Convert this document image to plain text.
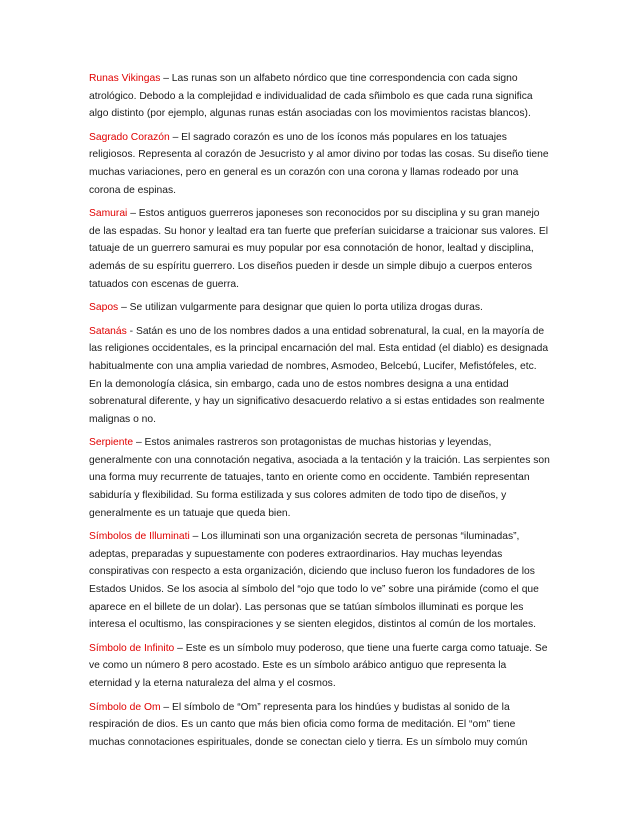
Runas Vikingas – Las runas son un alfabeto nórdico que tine correspondencia con cada signo atrológico. Debodo a la complejidad e individualidad de cada sñimbolo es que cada runa significa algo distinto (por ejemplo, algunas runas están asociadas con los movimientos racistas blancos).

Sagrado Corazón – El sagrado corazón es uno de los íconos más populares en los tatuajes religiosos. Representa al corazón de Jesucristo y al amor divino por todas las cosas. Su diseño tiene muchas variaciones, pero en general es un corazón con una corona y llamas rodeado por una corona de espinas.

Samurai – Estos antiguos guerreros japoneses son reconocidos por su disciplina y su gran manejo de las espadas. Su honor y lealtad era tan fuerte que preferían suicidarse a traicionar sus valores. El tatuaje de un guerrero samurai es muy popular por esa connotación de honor, lealtad y disciplina, además de su espíritu guerrero. Los diseños pueden ir desde un simple dibujo a cuerpos enteros tatuados con escenas de guerra.

Sapos – Se utilizan vulgarmente para designar que quien lo porta utiliza drogas duras.

Satanás - Satán es uno de los nombres dados a una entidad sobrenatural, la cual, en la mayoría de las religiones occidentales, es la principal encarnación del mal. Esta entidad (el diablo) es designada habitualmente con una amplia variedad de nombres, Asmodeo, Belcebú, Lucifer, Mefistófeles, etc. En la demonología clásica, sin embargo, cada uno de estos nombres designa a una entidad sobrenatural diferente, y hay un significativo desacuerdo relativo a si estas entidades son realmente malignas o no.

Serpiente – Estos animales rastreros son protagonistas de muchas historias y leyendas, generalmente con una connotación negativa, asociada a la tentación y la traición. Las serpientes son una forma muy recurrente de tatuajes, tanto en oriente como en occidente. También representan sabiduría y flexibilidad. Su forma estilizada y sus colores admiten de todo tipo de diseños, y generalmente es un tatuaje que queda bien.

Símbolos de Illuminati – Los illuminati son una organización secreta de personas “iluminadas”, adeptas, preparadas y supuestamente con poderes extraordinarios. Hay muchas leyendas conspirativas con respecto a esta organización, diciendo que incluso fueron los fundadores de los Estados Unidos. Se los asocia al símbolo del “ojo que todo lo ve” sobre una pirámide (como el que aparece en el billete de un dolar). Las personas que se tatúan símbolos illuminati es porque les interesa el ocultismo, las conspiraciones y se sienten elegidos, distintos al común de los mortales.

Símbolo de Infinito – Este es un símbolo muy poderoso, que tiene una fuerte carga como tatuaje. Se ve como un número 8 pero acostado. Este es un símbolo arábico antiguo que representa la eternidad y la eterna naturaleza del alma y el cosmos.

Símbolo de Om – El símbolo de “Om” representa para los hindúes y budistas al sonido de la respiración de dios. Es un canto que más bien oficia como forma de meditación. El “om” tiene muchas connotaciones espirituales, donde se conectan cielo y tierra. Es un símbolo muy común
